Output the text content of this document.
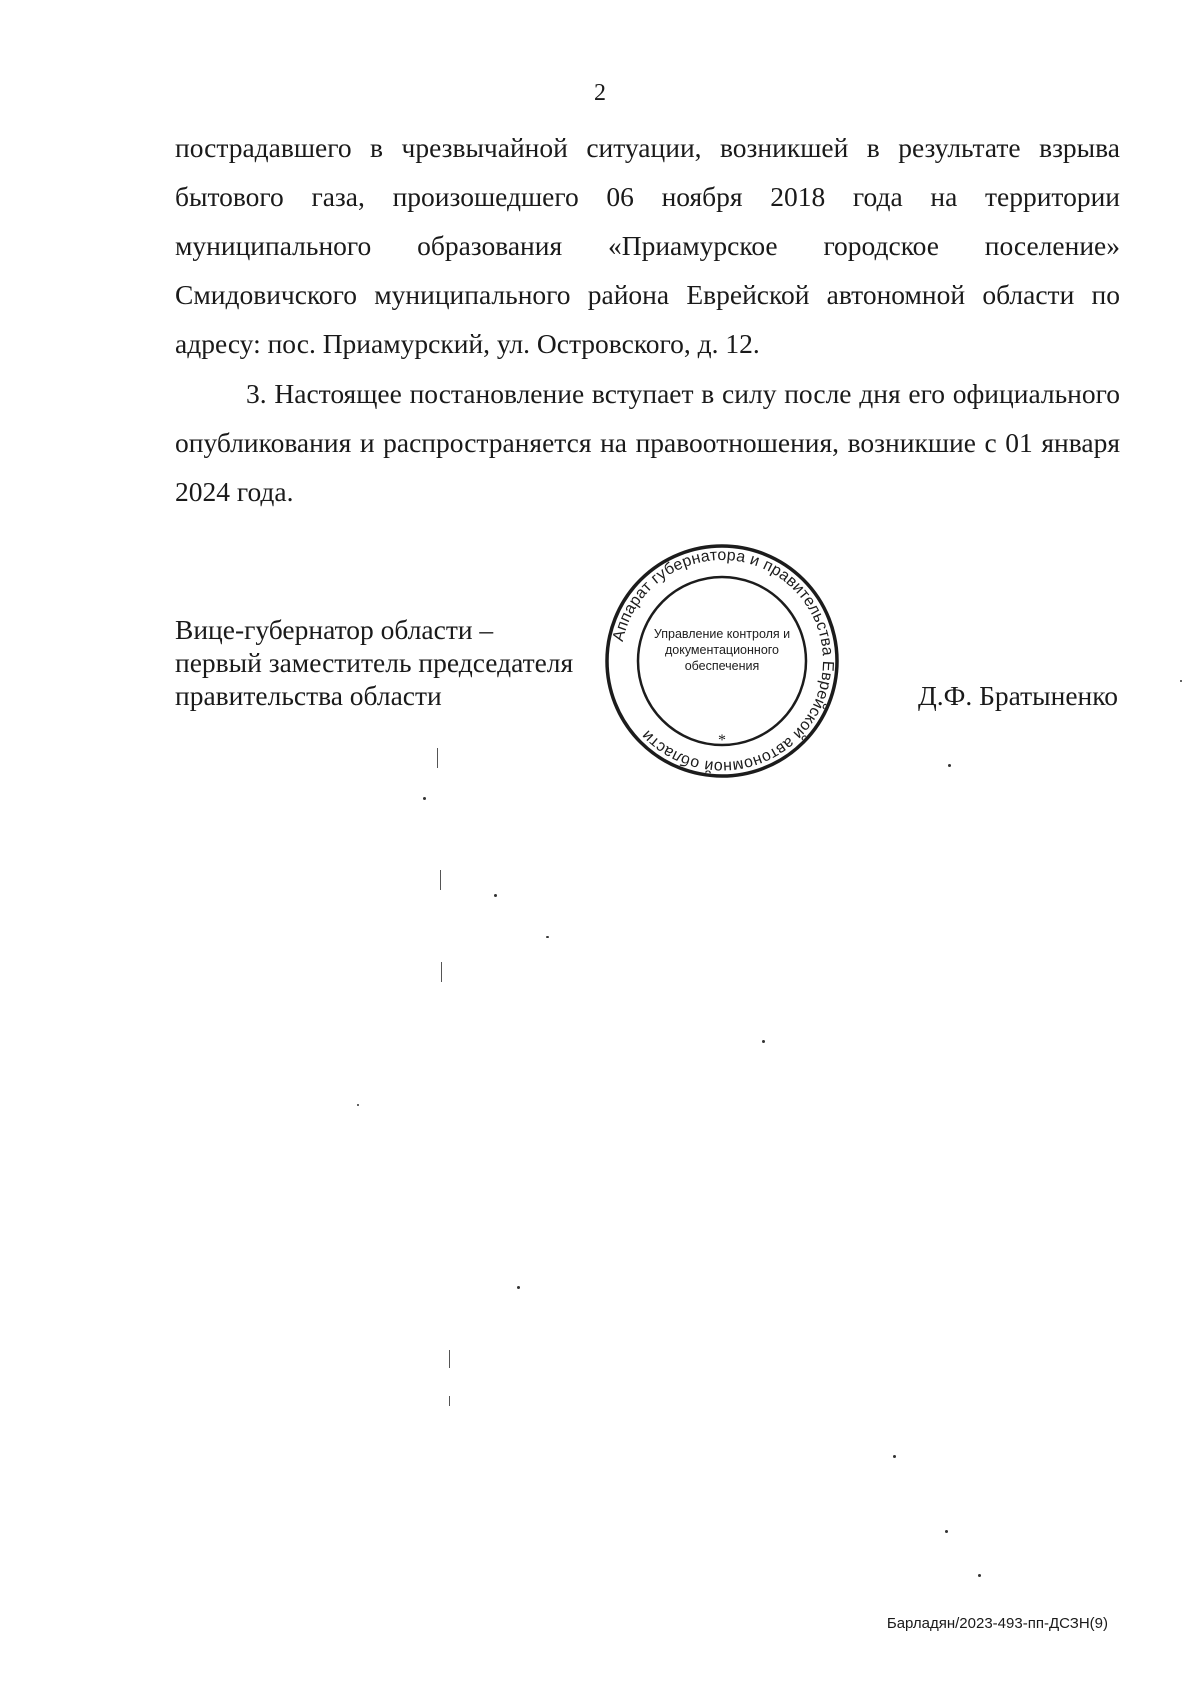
2
пострадавшего в чрезвычайной ситуации, возникшей в результате взрыва бытового газа, произошедшего 06 ноября 2018 года на территории муниципального образования «Приамурское городское поселение» Смидовичского муниципального района Еврейской автономной области по адресу: пос. Приамурский, ул. Островского, д. 12.
3. Настоящее постановление вступает в силу после дня его официального опубликования и распространяется на правоотношения, возникшие с 01 января 2024 года.
Вице-губернатор области –
первый заместитель председателя
правительства области	Д.Ф. Братыненко
Аппарат губернатора и правительства Еврейской автономной области	*
Управление контроля и
документационного
обеспечения
Барладян/2023-493-пп-ДСЗН(9)
